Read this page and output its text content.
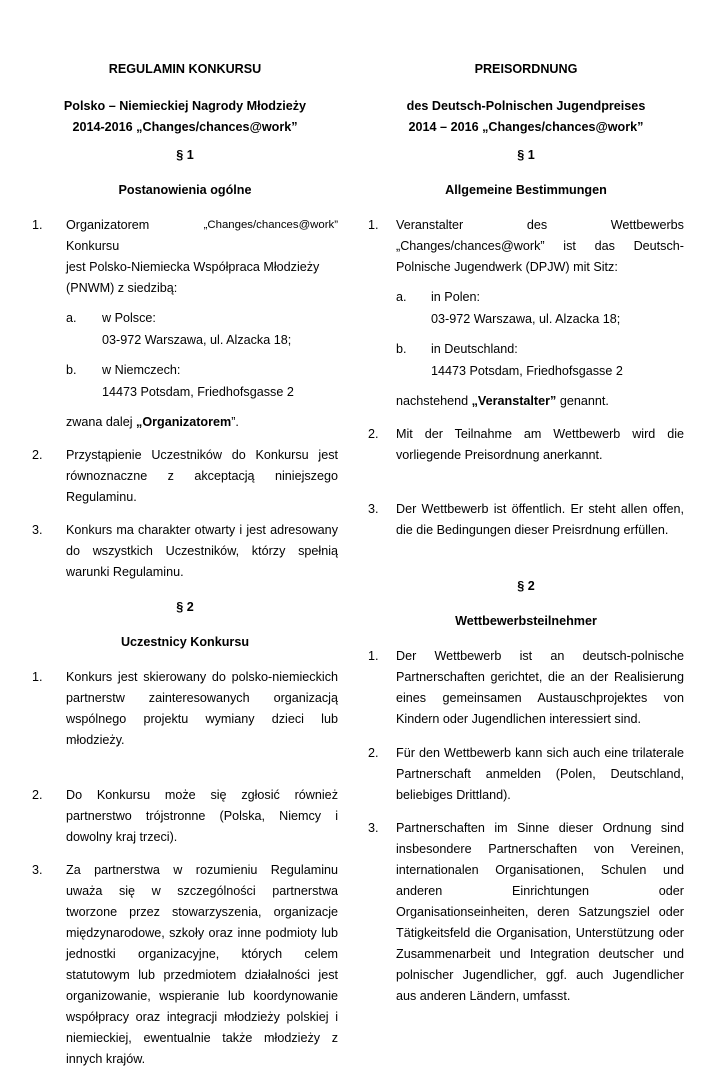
REGULAMIN KONKURSU
Polsko – Niemieckiej Nagrody Młodzieży
2014-2016 „Changes/chances@work”
§ 1
Postanowienia ogólne
1. Organizatorem Konkursu
„Changes/chances@work”
jest Polsko-Niemiecka Współpraca Młodzieży
(PNWM) z siedzibą:
a. w Polsce:
03-972 Warszawa, ul. Alzacka 18;
b. w Niemczech:
14473 Potsdam, Friedhofsgasse 2
zwana dalej „Organizatorem”.
2. Przystąpienie Uczestników do Konkursu jest równoznaczne z akceptacją niniejszego Regulaminu.
3. Konkurs ma charakter otwarty i jest adresowany do wszystkich Uczestników, którzy spełnią warunki Regulaminu.
§ 2
Uczestnicy Konkursu
1. Konkurs jest skierowany do polsko-niemieckich partnerstw zainteresowanych organizacją wspólnego projektu wymiany dzieci lub młodzieży.
2. Do Konkursu może się zgłosić również partnerstwo trójstronne (Polska, Niemcy i dowolny kraj trzeci).
3. Za partnerstwa w rozumieniu Regulaminu uważa się w szczególności partnerstwa tworzone przez stowarzyszenia, organizacje międzynarodowe, szkoły oraz inne podmioty lub jednostki organizacyjne, których celem statutowym lub przedmiotem działalności jest organizowanie, wspieranie lub koordynowanie współpracy oraz integracji młodzieży polskiej i niemieckiej, ewentualnie także młodzieży z innych krajów.
PREISORDNUNG
des Deutsch-Polnischen Jugendpreises
2014 – 2016 „Changes/chances@work”
§ 1
Allgemeine Bestimmungen
1. Veranstalter	des	Wettbewerbs
„Changes/chances@work” ist das Deutsch-
Polnische Jugendwerk (DPJW) mit Sitz:
a. in Polen:
03-972 Warszawa, ul. Alzacka 18;
b. in Deutschland:
14473 Potsdam, Friedhofsgasse 2
nachstehend „Veranstalter” genannt.
2. Mit der Teilnahme am Wettbewerb wird die vorliegende Preisordnung anerkannt.
3. Der Wettbewerb ist öffentlich. Er steht allen offen, die die Bedingungen dieser Preisrdnung erfüllen.
§ 2
Wettbewerbsteilnehmer
1. Der Wettbewerb ist an deutsch-polnische Partnerschaften gerichtet, die an der Realisierung eines gemeinsamen Austauschprojektes von Kindern oder Jugendlichen interessiert sind.
2. Für den Wettbewerb kann sich auch eine trilaterale Partnerschaft anmelden (Polen, Deutschland, beliebiges Drittland).
3. Partnerschaften im Sinne dieser Ordnung sind insbesondere Partnerschaften von Vereinen, internationalen Organisationen, Schulen und anderen Einrichtungen oder Organisationseinheiten, deren Satzungsziel oder Tätigkeitsfeld die Organisation, Unterstützung oder Zusammenarbeit und Integration deutscher und polnischer Jugendlicher, ggf. auch Jugendlicher aus anderen Ländern, umfasst.
